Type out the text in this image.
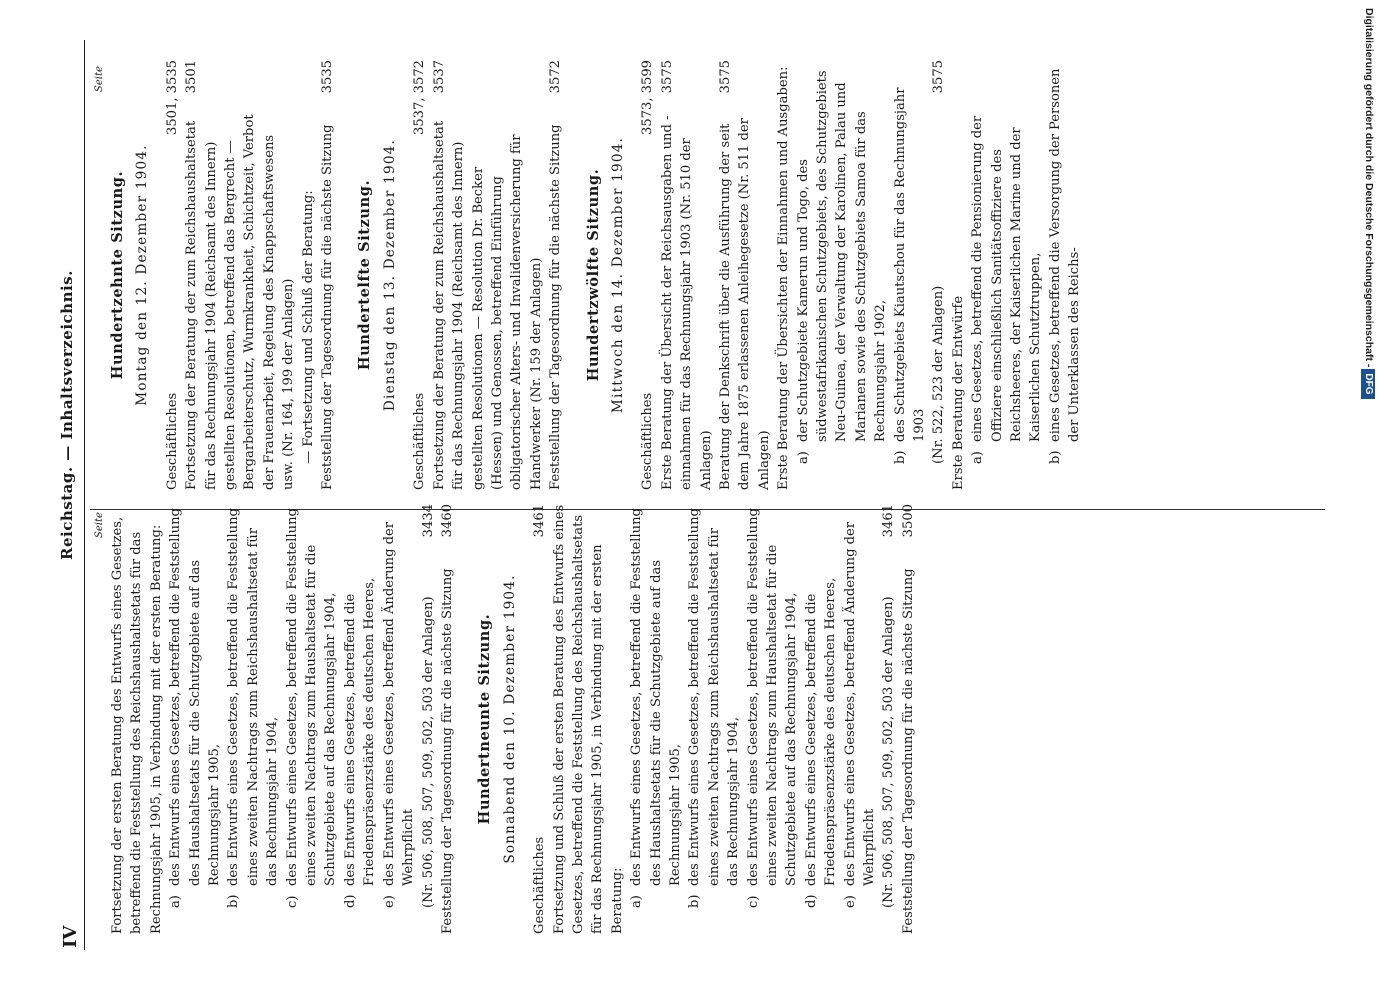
IV
Reichstag. — Inhaltsverzeichnis. Seite
Seite
Fortsetzung der ersten Beratung des Entwurfs eines Gesetzes, betreffend die Feststellung des Reichshaushaltsetats für das Rechnungsjahr 1905, in Verbindung mit der ersten Beratung: a)
des Entwurfs eines Gesetzes, betreffend die Feststellung des Haushaltsetats für die Schutzgebiete auf das Rechnungsjahr 1905,
b)
des Entwurfs eines Gesetzes, betreffend die Feststellung eines zweiten Nachtrags zum Reichshaushaltsetat für das Rechnungsjahr 1904,
c)
des Entwurfs eines Gesetzes, betreffend die Feststellung eines zweiten Nachtrags zum Haushaltsetat für die Schutzgebiete auf das Rechnungsjahr 1904,
d)
des Entwurfs eines Gesetzes, betreffend die Friedenspräsenzstärke des deutschen Heeres,
e)
des Entwurfs eines Gesetzes, betreffend Änderung der Wehrpflicht (Nr. 506, 508, 507, 509, 502, 503 der Anlagen)
3434
Feststellung der Tagesordnung für die nächste Sitzung
3460
Hundertneunte Sitzung. Sonnabend den 10. Dezember 1904.
Geschäftliches
3461 Fortsetzung und Schluß der ersten Beratung des Entwurfs eines Gesetzes, betreffend die Feststellung des Reichshaushaltsetats für das Rechnungsjahr 1905, in Verbindung mit der ersten Beratung: a)
des Entwurfs eines Gesetzes, betreffend die Feststellung des Haushaltsetats für die Schutzgebiete auf das Rechnungsjahr 1905,
b)
des Entwurfs eines Gesetzes, betreffend die Feststellung eines zweiten Nachtrags zum Reichshaushaltsetat für das Rechnungsjahr 1904,
c)
des Entwurfs eines Gesetzes, betreffend die Feststellung eines zweiten Nachtrags zum Haushaltsetat für die Schutzgebiete auf das Rechnungsjahr 1904,
d)
des Entwurfs eines Gesetzes, betreffend die Friedenspräsenzstärke des deutschen Heeres,
e)
des Entwurfs eines Gesetzes, betreffend Änderung der Wehrpflicht (Nr. 506, 508, 507, 509, 502, 503 der Anlagen)
3461
Feststellung der Tagesordnung für die nächste Sitzung
3500
Hundertzehnte Sitzung. Montag den 12. Dezember 1904.
Geschäftliches
3501, 3535
Fortsetzung der Beratung der zum Reichshaushaltsetat für das Rechnungsjahr 1904 (Reichsamt des Innern) gestellten Resolutionen, betreffend das Bergrecht — Bergarbeiterschutz, Wurmkrankheit, Schichtzeit, Verbot der Frauenarbeit, Regelung des Knappschaftswesens usw. (Nr. 164, 199 der Anlagen)
3501
— Fortsetzung und Schluß der Beratung: Feststellung der Tagesordnung für die nächste Sitzung
3535
Hundertelfte Sitzung. Dienstag den 13. Dezember 1904.
Geschäftliches
3537, 3572
Fortsetzung der Beratung der zum Reichshaushaltsetat für das Rechnungsjahr 1904 (Reichsamt des Innern) gestellten Resolutionen — Resolution Dr. Becker (Hessen) und Genossen, betreffend Einführung obligatorischer Alters- und Invalidenversicherung für Handwerker (Nr. 159 der Anlagen)
3537
Feststellung der Tagesordnung für die nächste Sitzung
3572
Hundertzwölfte Sitzung. Mittwoch den 14. Dezember 1904.
Geschäftliches
3573, 3599
Erste Beratung der Übersicht der Reichsausgaben und -einnahmen für das Rechnungsjahr 1903 (Nr. 510 der Anlagen)
3575
Beratung der Denkschrift über die Ausführung der seit dem Jahre 1875 erlassenen Anleihegesetze (Nr. 511 der Anlagen)
3575	Erste Beratung der Übersichten der Einnahmen und Ausgaben: a)
der Schutzgebiete Kamerun und Togo, des südwestafrikanischen Schutzgebiets, des Schutzgebiets Neu-Guinea, der Verwaltung der Karolinen, Palau und Marianen sowie des Schutzgebiets Samoa für das Rechnungsjahr 1902,
b)
des Schutzgebiets Kiautschou für das Rechnungsjahr 1903 (Nr. 522, 523 der Anlagen)
3575
Erste Beratung der Entwürfe a)
eines Gesetzes, betreffend die Pensionierung der Offiziere einschließlich Sanitätsoffiziere des Reichsheeres, der Kaiserlichen Marine und der Kaiserlichen Schutztruppen,
b)
eines Gesetzes, betreffend die Versorgung der Personen der Unterklassen des Reichs-	Digitalisierung gefördert durch die Deutsche Forschungsgemeinschaft -DFG
